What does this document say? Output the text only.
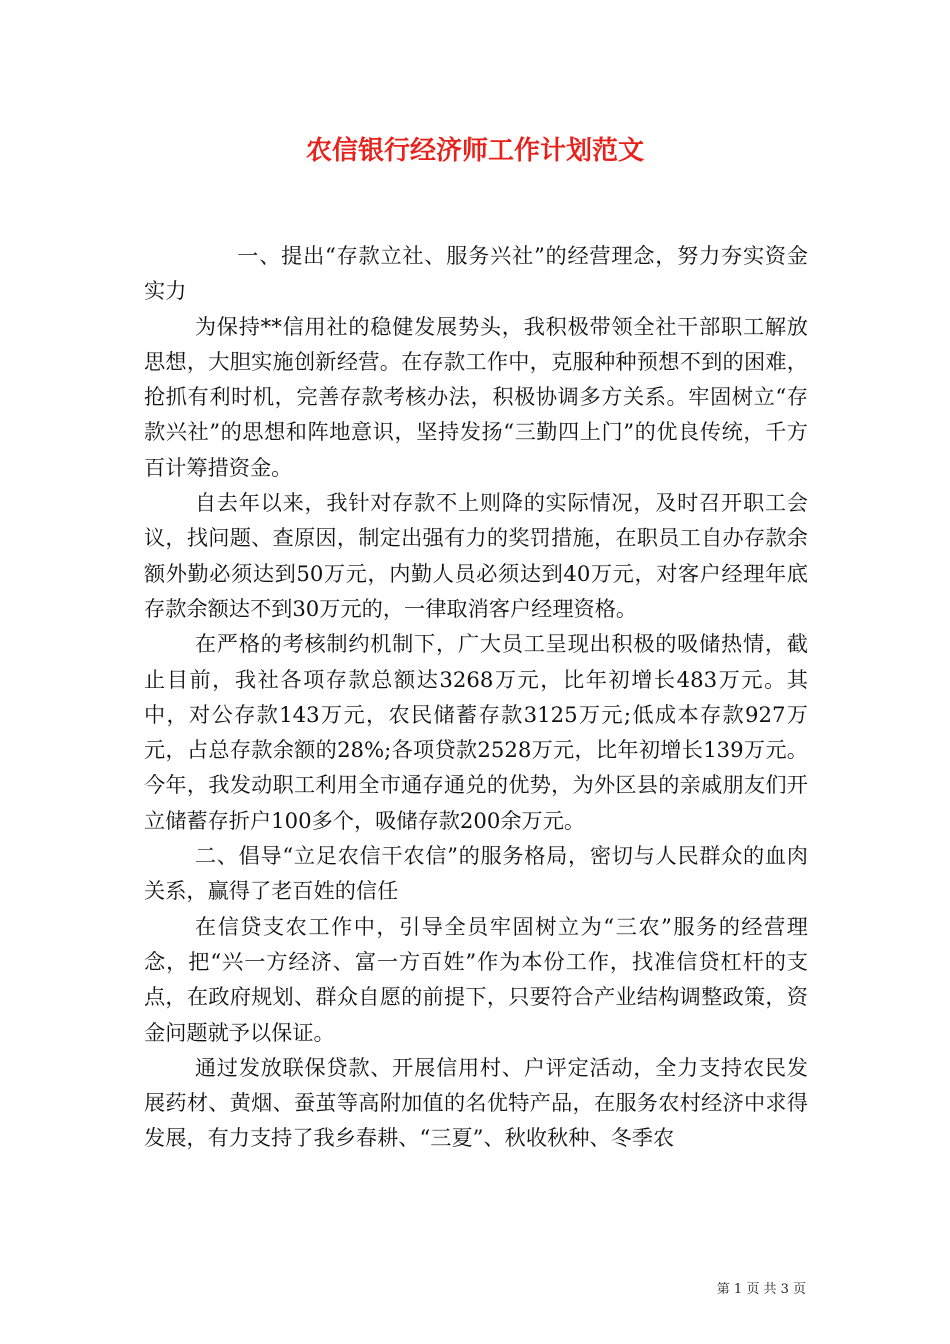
农信银行经济师工作计划范文

一、提出“存款立社、服务兴社”的经营理念，努力夯实资金实力

为保持**信用社的稳健发展势头，我积极带领全社干部职工解放思想，大胆实施创新经营。在存款工作中，克服种种预想不到的困难，抢抓有利时机，完善存款考核办法，积极协调多方关系。牢固树立“存款兴社”的思想和阵地意识，坚持发扬“三勤四上门”的优良传统，千方百计筹措资金。

自去年以来，我针对存款不上则降的实际情况，及时召开职工会议，找问题、查原因，制定出强有力的奖罚措施，在职员工自办存款余额外勤必须达到50万元，内勤人员必须达到40万元，对客户经理年底存款余额达不到30万元的，一律取消客户经理资格。

在严格的考核制约机制下，广大员工呈现出积极的吸储热情，截止目前，我社各项存款总额达3268万元，比年初增长483万元。其中，对公存款143万元，农民储蓄存款3125万元;低成本存款927万元，占总存款余额的28%;各项贷款2528万元，比年初增长139万元。今年，我发动职工利用全市通存通兑的优势，为外区县的亲戚朋友们开立储蓄存折户100多个，吸储存款200余万元。

二、倡导“立足农信干农信”的服务格局，密切与人民群众的血肉关系，赢得了老百姓的信任

在信贷支农工作中，引导全员牢固树立为“三农”服务的经营理念，把“兴一方经济、富一方百姓”作为本份工作，找准信贷杠杆的支点，在政府规划、群众自愿的前提下，只要符合产业结构调整政策，资金问题就予以保证。

通过发放联保贷款、开展信用村、户评定活动，全力支持农民发展药材、黄烟、蚕茧等高附加值的名优特产品，在服务农村经济中求得发展，有力支持了我乡春耕、“三夏”、秋收秋种、冬季农

第 1 页 共 3 页
